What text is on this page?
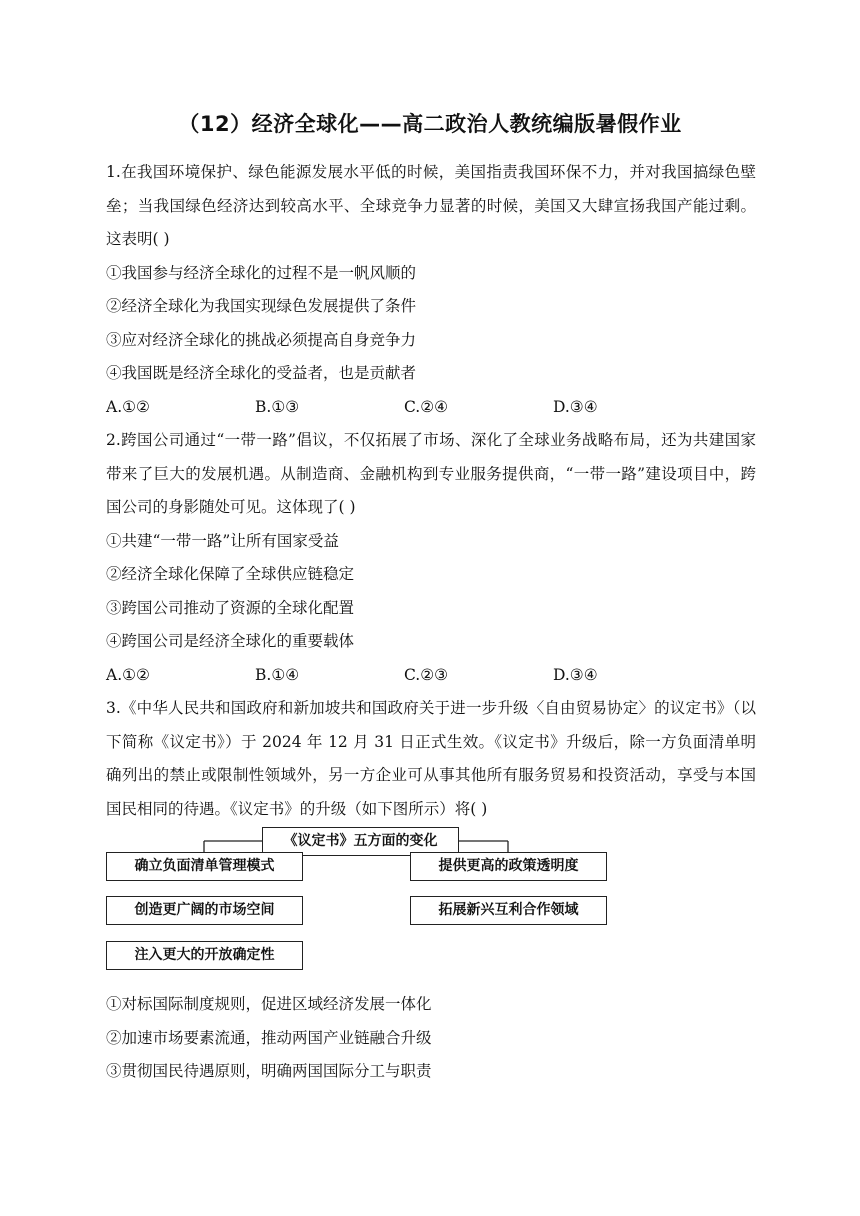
（12）经济全球化——高二政治人教统编版暑假作业

1.在我国环境保护、绿色能源发展水平低的时候，美国指责我国环保不力，并对我国搞绿色壁垒；当我国绿色经济达到较高水平、全球竞争力显著的时候，美国又大肆宣扬我国产能过剩。这表明( )

①我国参与经济全球化的过程不是一帆风顺的

②经济全球化为我国实现绿色发展提供了条件

③应对经济全球化的挑战必须提高自身竞争力

④我国既是经济全球化的受益者，也是贡献者

A.①②	B.①③	C.②④	D.③④

2.跨国公司通过“一带一路”倡议，不仅拓展了市场、深化了全球业务战略布局，还为共建国家带来了巨大的发展机遇。从制造商、金融机构到专业服务提供商，“一带一路”建设项目中，跨国公司的身影随处可见。这体现了( )

①共建“一带一路”让所有国家受益

②经济全球化保障了全球供应链稳定

③跨国公司推动了资源的全球化配置

④跨国公司是经济全球化的重要载体

A.①②	B.①④	C.②③	D.③④

3.《中华人民共和国政府和新加坡共和国政府关于进一步升级〈自由贸易协定〉的议定书》（以下简称《议定书》）于 2024 年 12 月 31 日正式生效。《议定书》升级后，除一方负面清单明确列出的禁止或限制性领域外，另一方企业可从事其他所有服务贸易和投资活动，享受与本国国民相同的待遇。《议定书》的升级（如下图所示）将( )

《议定书》五方面的变化
确立负面清单管理模式
创造更广阔的市场空间
注入更大的开放确定性
提供更高的政策透明度
拓展新兴互利合作领域

①对标国际制度规则，促进区域经济发展一体化

②加速市场要素流通，推动两国产业链融合升级

③贯彻国民待遇原则，明确两国国际分工与职责
